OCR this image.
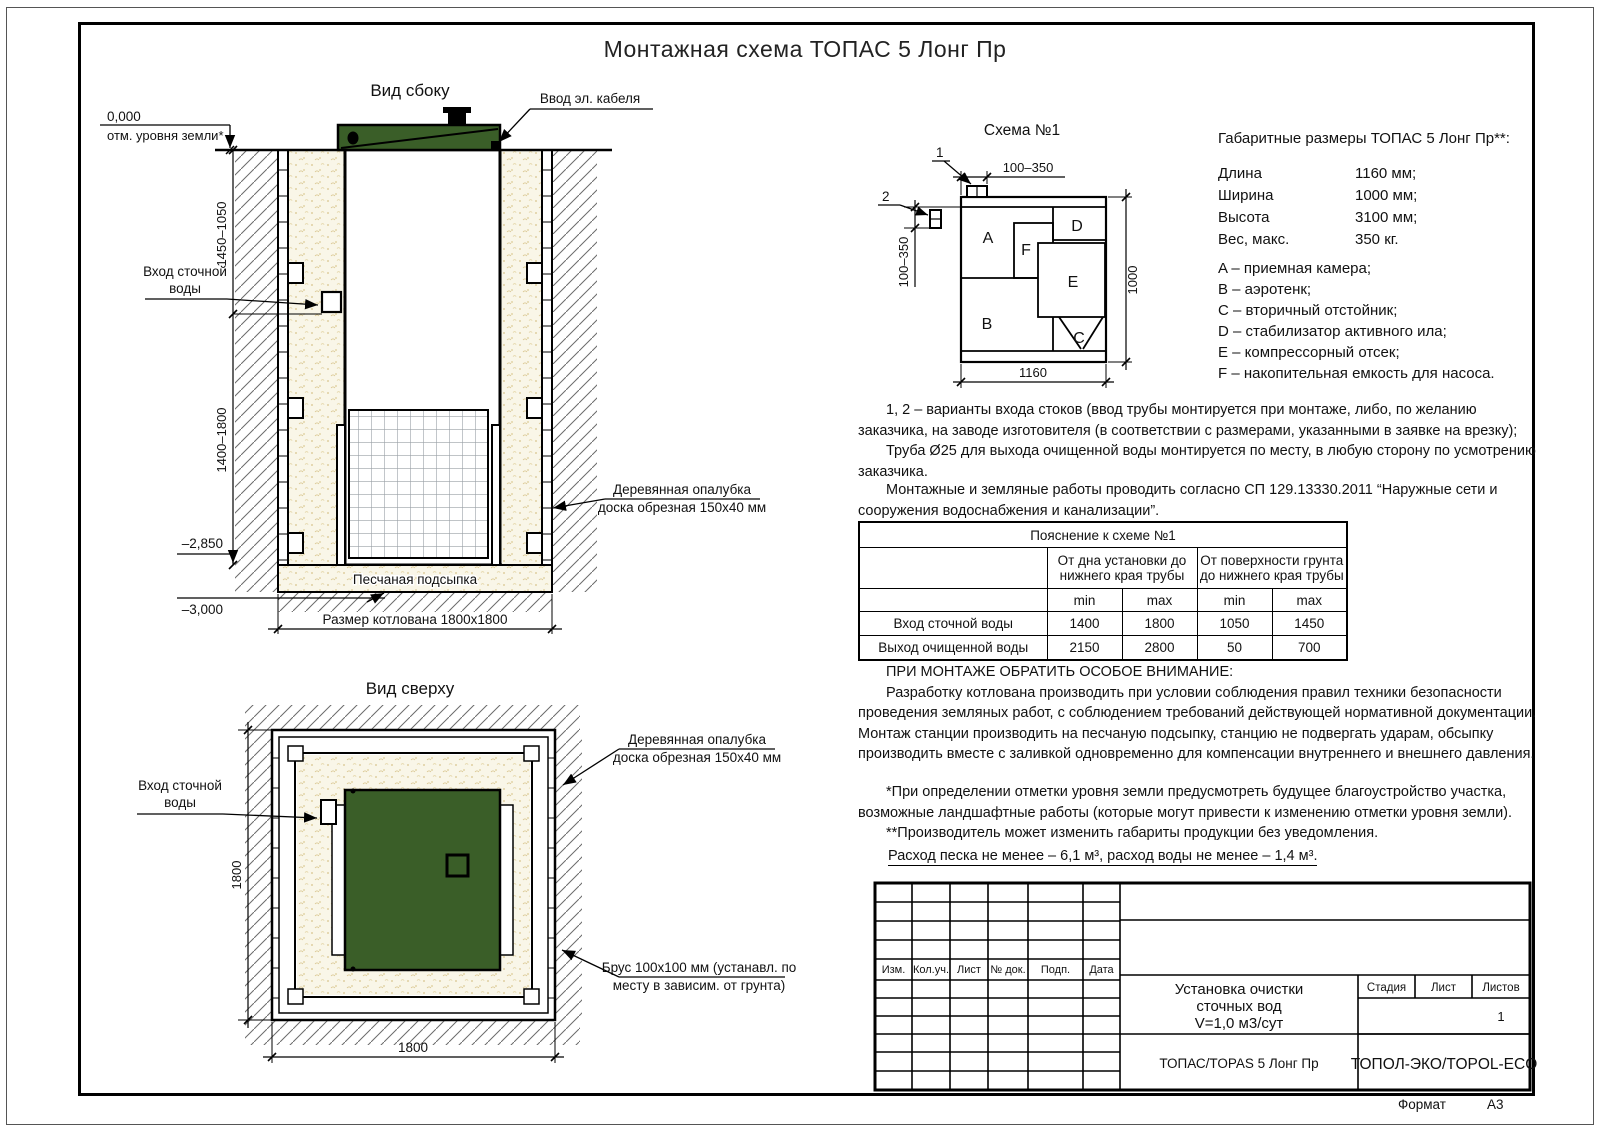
Монтажная схема ТОПАС 5 Лонг Пр
Вид сбоку
Песчаная подсыпка
Ввод эл. кабеля
0,000
отм. уровня земли*
1450–1050
1400–1800
Вход сточной
воды
–2,850
–3,000
Размер котлована 1800x1800
Деревянная опалубка
доска обрезная 150x40 мм
Вид сверху
Вход сточной
воды
1800
1800
Деревянная опалубка
доска обрезная 150x40 мм
Брус 100x100 мм (устанавл. по
месту в зависим. от грунта)
Схема №1
A
B
C
D
E
F
1
2
100–350
100–350	1000
1160
Габаритные размеры ТОПАС 5 Лонг Пр**:
Длина	1160 мм;
Ширина	1000 мм;
Высота	3100 мм;
Вес, макс.	350 кг.
A – приемная камера;
B – аэротенк;
C – вторичный отстойник;
D – стабилизатор активного ила;
E – компрессорный отсек;
F – накопительная емкость для насоса.

1, 2 – варианты входа стоков (ввод трубы монтируется при монтаже, либо, по желанию заказчика, на заводе изготовителя (в соответствии с размерами, указанными в заявке на врезку);

Труба Ø25 для выхода очищенной воды монтируется по месту, в любую сторону по усмотрению заказчика.

Монтажные и земляные работы проводить согласно СП 129.13330.2011 “Наружные сети и сооружения водоснабжения и канализации”.

Пояснение к схеме №1				
	От дна установки до нижнего края трубы		От поверхности грунта до нижнего края трубы	
	min	max	min	max
Вход сточной воды	1400	1800	1050	1450
Выход очищенной воды	2150	2800	50	700

ПРИ МОНТАЖЕ ОБРАТИТЬ ОСОБОЕ ВНИМАНИЕ:

Разработку котлована производить при условии соблюдения правил техники безопасности проведения земляных работ, с соблюдением требований действующей нормативной документации. Монтаж станции производить на песчаную подсыпку, станцию не подвергать ударам, обсыпку производить вместе с заливкой одновременно для компенсации внутреннего и внешнего давления.

*При определении отметки уровня земли предусмотреть будущее благоустройство участка, возможные ландшафтные работы (которые могут привести к изменению отметки уровня земли).

**Производитель может изменить габариты продукции без уведомления.

Расход песка не менее – 6,1 м³, расход воды не менее – 1,4 м³.
Изм. Кол.уч. Лист № док. Подп. Дата
Установка очистки
сточных вод
V=1,0 м3/сут
Стадия Лист Листов
1
ТОПАС/TOPAS 5 Лонг Пр ТОПОЛ-ЭКО/TOPOL-ECO
Формат	А3
